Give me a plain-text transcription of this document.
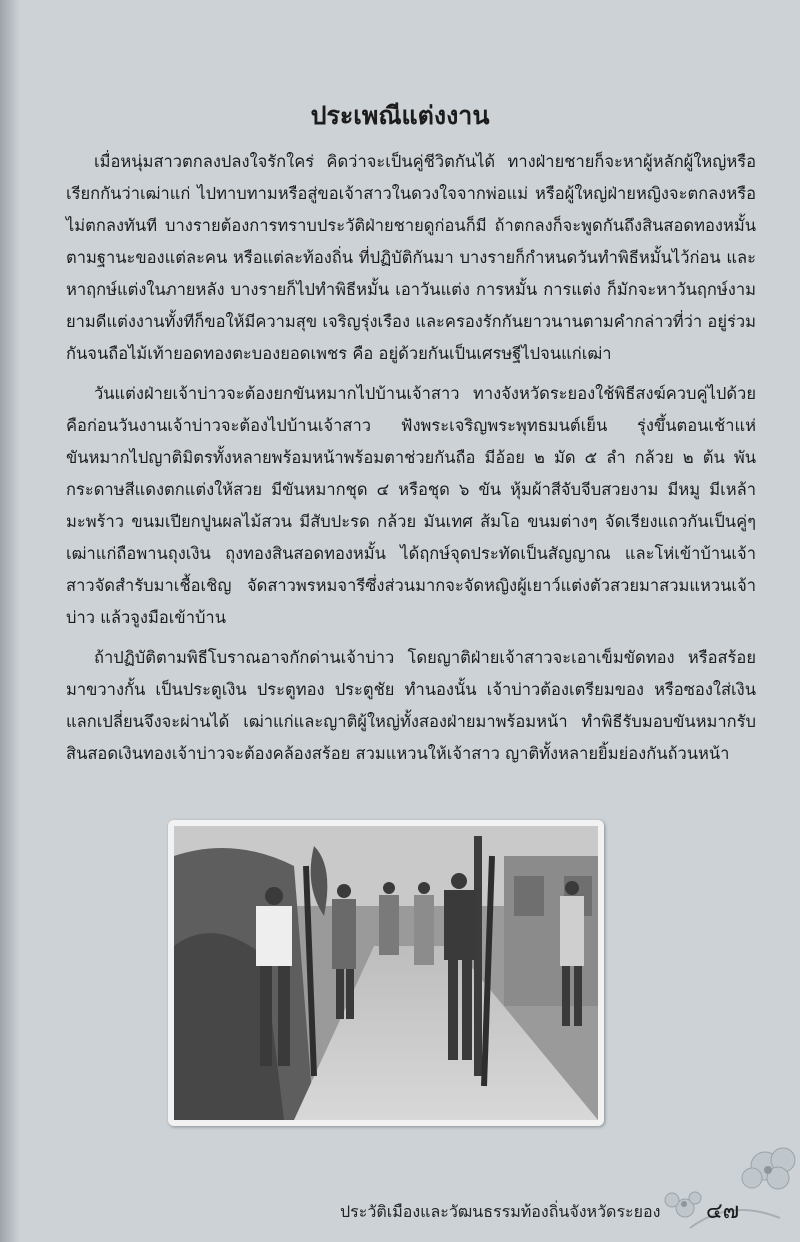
ประเพณีแต่งงาน

เมื่อหนุ่มสาวตกลงปลงใจรักใคร่ คิดว่าจะเป็นคู่ชีวิตกันได้ ทางฝ่ายชายก็จะหาผู้หลักผู้ใหญ่หรือเรียกกันว่าเฒ่าแก่ ไปทาบทามหรือสู่ขอเจ้าสาวในดวงใจจากพ่อแม่ หรือผู้ใหญ่ฝ่ายหญิงจะตกลงหรือไม่ตกลงทันที บางรายต้องการทราบประวัติฝ่ายชายดูก่อนก็มี ถ้าตกลงก็จะพูดกันถึงสินสอดทองหมั้นตามฐานะของแต่ละคน หรือแต่ละท้องถิ่น ที่ปฏิบัติกันมา บางรายก็กำหนดวันทำพิธีหมั้นไว้ก่อน และหาฤกษ์แต่งในภายหลัง บางรายก็ไปทำพิธีหมั้น เอาวันแต่ง การหมั้น การแต่ง ก็มักจะหาวันฤกษ์งามยามดีแต่งงานทั้งทีก็ขอให้มีความสุข เจริญรุ่งเรือง และครองรักกันยาวนานตามคำกล่าวที่ว่า อยู่ร่วมกันจนถือไม้เท้ายอดทองตะบองยอดเพชร คือ อยู่ด้วยกันเป็นเศรษฐีไปจนแก่เฒ่า

วันแต่งฝ่ายเจ้าบ่าวจะต้องยกขันหมากไปบ้านเจ้าสาว ทางจังหวัดระยองใช้พิธีสงฆ์ควบคู่ไปด้วย คือก่อนวันงานเจ้าบ่าวจะต้องไปบ้านเจ้าสาว ฟังพระเจริญพระพุทธมนต์เย็น รุ่งขึ้นตอนเช้าแห่ขันหมากไปญาติมิตรทั้งหลายพร้อมหน้าพร้อมตาช่วยกันถือ มีอ้อย ๒ มัด ๕ ลำ กล้วย ๒ ต้น พันกระดาษสีแดงตกแต่งให้สวย มีขันหมากชุด ๔ หรือชุด ๖ ขัน หุ้มผ้าสีจับจีบสวยงาม มีหมู มีเหล้า มะพร้าว ขนมเปียกปูนผลไม้สวน มีสับปะรด กล้วย มันเทศ ส้มโอ ขนมต่างๆ จัดเรียงแถวกันเป็นคู่ๆ เฒ่าแก่ถือพานถุงเงิน ถุงทองสินสอดทองหมั้น ได้ฤกษ์จุดประทัดเป็นสัญญาณ และโห่เข้าบ้านเจ้าสาวจัดสำรับมาเชื้อเชิญ จัดสาวพรหมจารีซึ่งส่วนมากจะจัดหญิงผู้เยาว์แต่งตัวสวยมาสวมแหวนเจ้าบ่าว แล้วจูงมือเข้าบ้าน

ถ้าปฏิบัติตามพิธีโบราณอาจกักด่านเจ้าบ่าว โดยญาติฝ่ายเจ้าสาวจะเอาเข็มขัดทอง หรือสร้อยมาขวางกั้น เป็นประตูเงิน ประตูทอง ประตูชัย ทำนองนั้น เจ้าบ่าวต้องเตรียมของ หรือซองใส่เงิน แลกเปลี่ยนจึงจะผ่านได้ เฒ่าแก่และญาติผู้ใหญ่ทั้งสองฝ่ายมาพร้อมหน้า ทำพิธีรับมอบขันหมากรับสินสอดเงินทองเจ้าบ่าวจะต้องคล้องสร้อย สวมแหวนให้เจ้าสาว ญาติทั้งหลายยิ้มย่องกันถ้วนหน้า

ประวัติเมืองและวัฒนธรรมท้องถิ่นจังหวัดระยอง ๔๗
